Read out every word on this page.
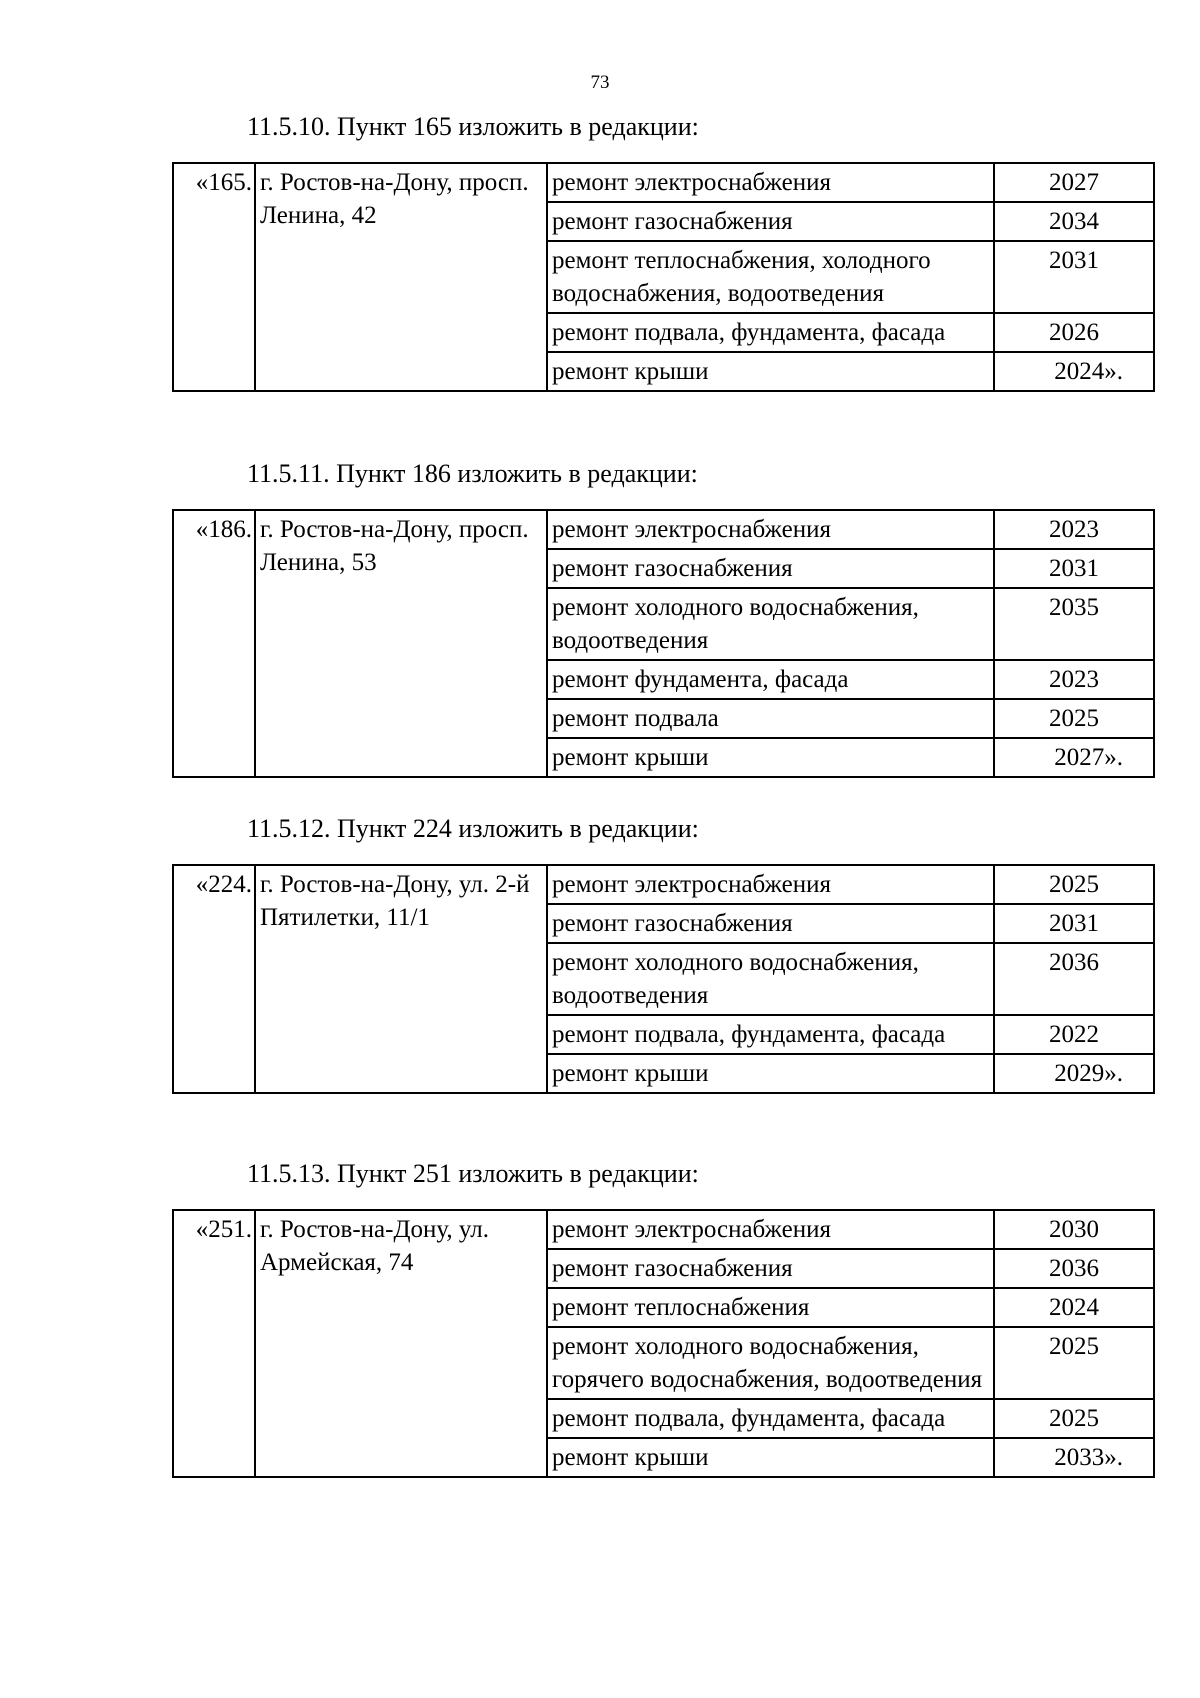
73
11.5.10. Пункт 165 изложить в редакции:
«165.	г. Ростов-на-Дону, просп. Ленина, 42	ремонт электроснабжения	2027
		ремонт газоснабжения	2034
		ремонт теплоснабжения, холодного водоснабжения, водоотведения	2031
		ремонт подвала, фундамента, фасада	2026
		ремонт крыши	2024».
11.5.11. Пункт 186 изложить в редакции:
«186.	г. Ростов-на-Дону, просп. Ленина, 53	ремонт электроснабжения	2023
		ремонт газоснабжения	2031
		ремонт холодного водоснабжения, водоотведения	2035
		ремонт фундамента, фасада	2023
		ремонт подвала	2025
		ремонт крыши	2027».
11.5.12. Пункт 224 изложить в редакции:
«224.	г. Ростов-на-Дону, ул. 2-й Пятилетки, 11/1	ремонт электроснабжения	2025
		ремонт газоснабжения	2031
		ремонт холодного водоснабжения, водоотведения	2036
		ремонт подвала, фундамента, фасада	2022
		ремонт крыши	2029».
11.5.13. Пункт 251 изложить в редакции:
«251.	г. Ростов-на-Дону, ул. Армейская, 74	ремонт электроснабжения	2030
		ремонт газоснабжения	2036
		ремонт теплоснабжения	2024
		ремонт холодного водоснабжения, горячего водоснабжения, водоотведения	2025
		ремонт подвала, фундамента, фасада	2025
		ремонт крыши	2033».
